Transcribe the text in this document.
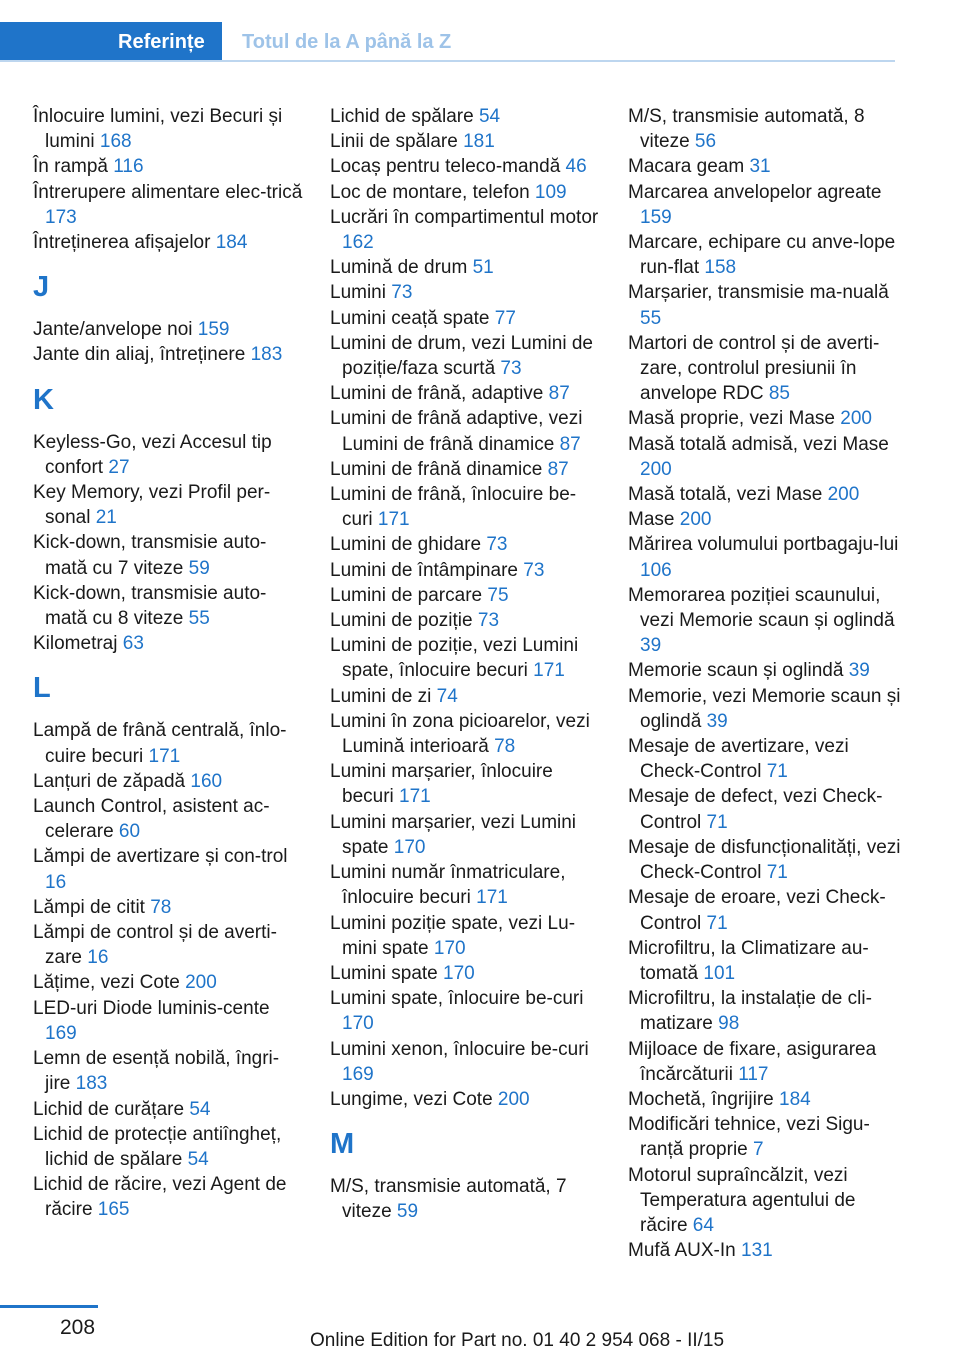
Referințe Totul de la A până la Z
Înlocuire lumini, vezi Becuri și lumini 168
În rampă 116
Întrerupere alimentare elec-trică 173
Întreținerea afișajelor 184
J
Jante/anvelope noi 159
Jante din aliaj, întreținere 183
K
Keyless-Go, vezi Accesul tip confort 27
Key Memory, vezi Profil per-sonal 21
Kick-down, transmisie auto-mată cu 7 viteze 59
Kick-down, transmisie auto-mată cu 8 viteze 55
Kilometraj 63
L
Lampă de frână centrală, înlo-cuire becuri 171
Lanțuri de zăpadă 160
Launch Control, asistent ac-celerare 60
Lămpi de avertizare și con-trol 16
Lămpi de citit 78
Lămpi de control și de averti-zare 16
Lățime, vezi Cote 200
LED-uri Diode luminis-cente 169
Lemn de esență nobilă, îngri-jire 183
Lichid de curățare 54
Lichid de protecție antiîngheț, lichid de spălare 54
Lichid de răcire, vezi Agent de răcire 165
Lichid de spălare 54
Linii de spălare 181
Locaș pentru teleco-mandă 46
Loc de montare, telefon 109
Lucrări în compartimentul motor 162
Lumină de drum 51
Lumini 73
Lumini ceață spate 77
Lumini de drum, vezi Lumini de poziție/faza scurtă 73
Lumini de frână, adaptive 87
Lumini de frână adaptive, vezi Lumini de frână dinamice 87
Lumini de frână dinamice 87
Lumini de frână, înlocuire be-curi 171
Lumini de ghidare 73
Lumini de întâmpinare 73
Lumini de parcare 75
Lumini de poziție 73
Lumini de poziție, vezi Lumini spate, înlocuire becuri 171
Lumini de zi 74
Lumini în zona picioarelor, vezi Lumină interioară 78
Lumini marșarier, înlocuire becuri 171
Lumini marșarier, vezi Lumini spate 170
Lumini număr înmatriculare, înlocuire becuri 171
Lumini poziție spate, vezi Lu-mini spate 170
Lumini spate 170
Lumini spate, înlocuire be-curi 170
Lumini xenon, înlocuire be-curi 169
Lungime, vezi Cote 200
M
M/S, transmisie automată, 7 viteze 59
M/S, transmisie automată, 8 viteze 56
Macara geam 31
Marcarea anvelopelor agreate 159
Marcare, echipare cu anve-lope run-flat 158
Marșarier, transmisie ma-nuală 55
Martori de control și de averti-zare, controlul presiunii în anvelope RDC 85
Masă proprie, vezi Mase 200
Masă totală admisă, vezi Mase 200
Masă totală, vezi Mase 200
Mase 200
Mărirea volumului portbagaju-lui 106
Memorarea poziției scaunului, vezi Memorie scaun și oglindă 39
Memorie scaun și oglindă 39
Memorie, vezi Memorie scaun și oglindă 39
Mesaje de avertizare, vezi Check-Control 71
Mesaje de defect, vezi Check-Control 71
Mesaje de disfuncționalități, vezi Check-Control 71
Mesaje de eroare, vezi Check-Control 71
Microfiltru, la Climatizare au-tomată 101
Microfiltru, la instalație de cli-matizare 98
Mijloace de fixare, asigurarea încărcăturii 117
Mochetă, îngrijire 184
Modificări tehnice, vezi Sigu-ranță proprie 7
Motorul supraîncălzit, vezi Temperatura agentului de răcire 64
Mufă AUX-In 131
208
Online Edition for Part no. 01 40 2 954 068 - II/15
